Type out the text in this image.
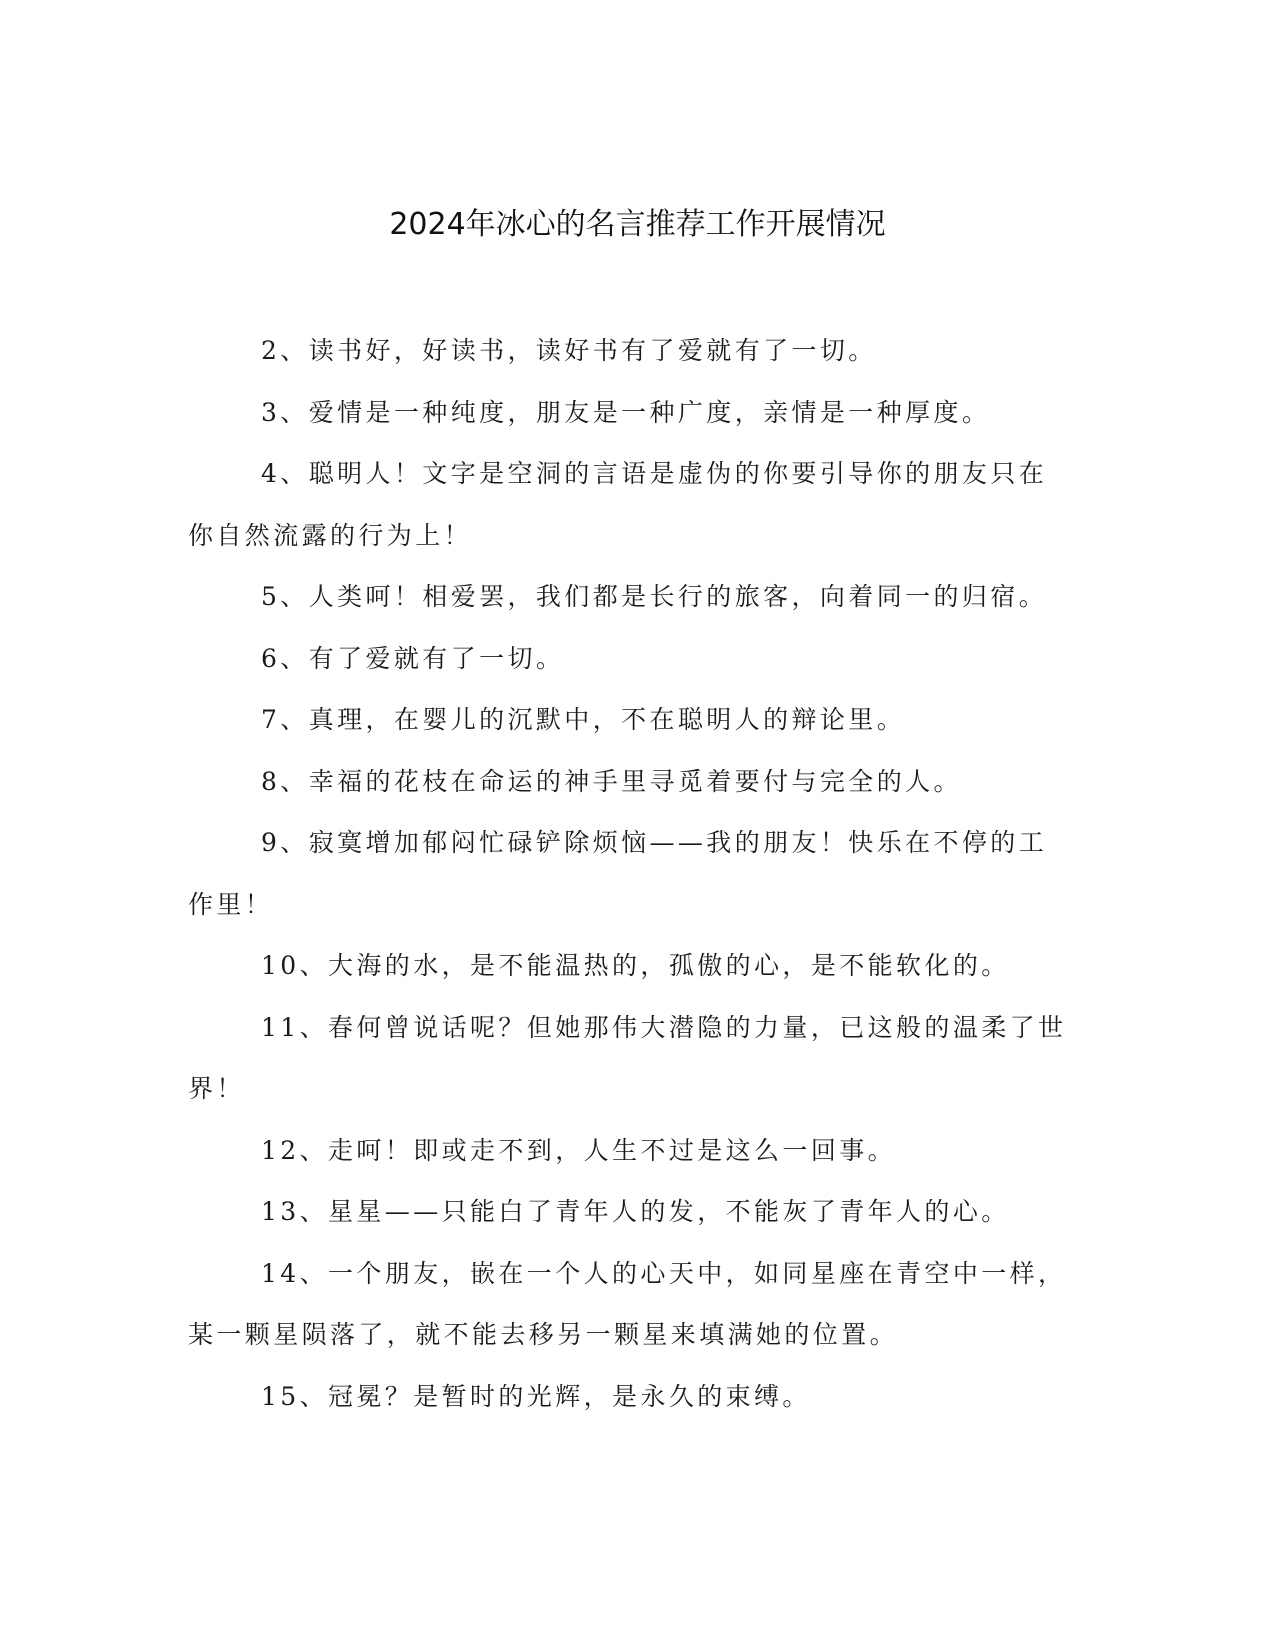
2024年冰心的名言推荐工作开展情况

2、读书好，好读书，读好书有了爱就有了一切。

3、爱情是一种纯度，朋友是一种广度，亲情是一种厚度。

4、聪明人！文字是空洞的言语是虚伪的你要引导你的朋友只在你自然流露的行为上！

5、人类呵！相爱罢，我们都是长行的旅客，向着同一的归宿。

6、有了爱就有了一切。

7、真理，在婴儿的沉默中，不在聪明人的辩论里。

8、幸福的花枝在命运的神手里寻觅着要付与完全的人。

9、寂寞增加郁闷忙碌铲除烦恼——我的朋友！快乐在不停的工作里！

10、大海的水，是不能温热的，孤傲的心，是不能软化的。

11、春何曾说话呢？但她那伟大潜隐的力量，已这般的温柔了世界！

12、走呵！即或走不到，人生不过是这么一回事。

13、星星——只能白了青年人的发，不能灰了青年人的心。

14、一个朋友，嵌在一个人的心天中，如同星座在青空中一样，某一颗星陨落了，就不能去移另一颗星来填满她的位置。

15、冠冕？是暂时的光辉，是永久的束缚。
